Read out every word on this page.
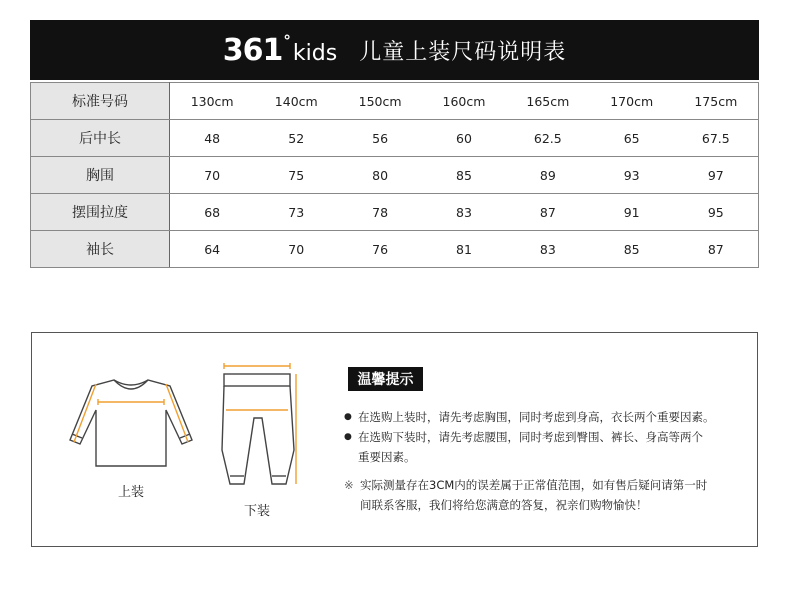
361 ° kids 儿童上装尺码说明表
标准号码	130cm	140cm	150cm	160cm	165cm	170cm	175cm
后中长	48	52	56	60	62.5	65	67.5
胸围	70	75	80	85	89	93	97
摆围拉度	68	73	78	83	87	91	95
袖长	64	70	76	81	83	85	87
上装
下装
温馨提示
● 在选购上装时，请先考虑胸围，同时考虑到身高，衣长两个重要因素。
● 在选购下装时，请先考虑腰围，同时考虑到臀围、裤长、身高等两个
重要因素。
※ 实际测量存在3CM内的误差属于正常值范围，如有售后疑问请第一时
间联系客服，我们将给您满意的答复，祝亲们购物愉快！
